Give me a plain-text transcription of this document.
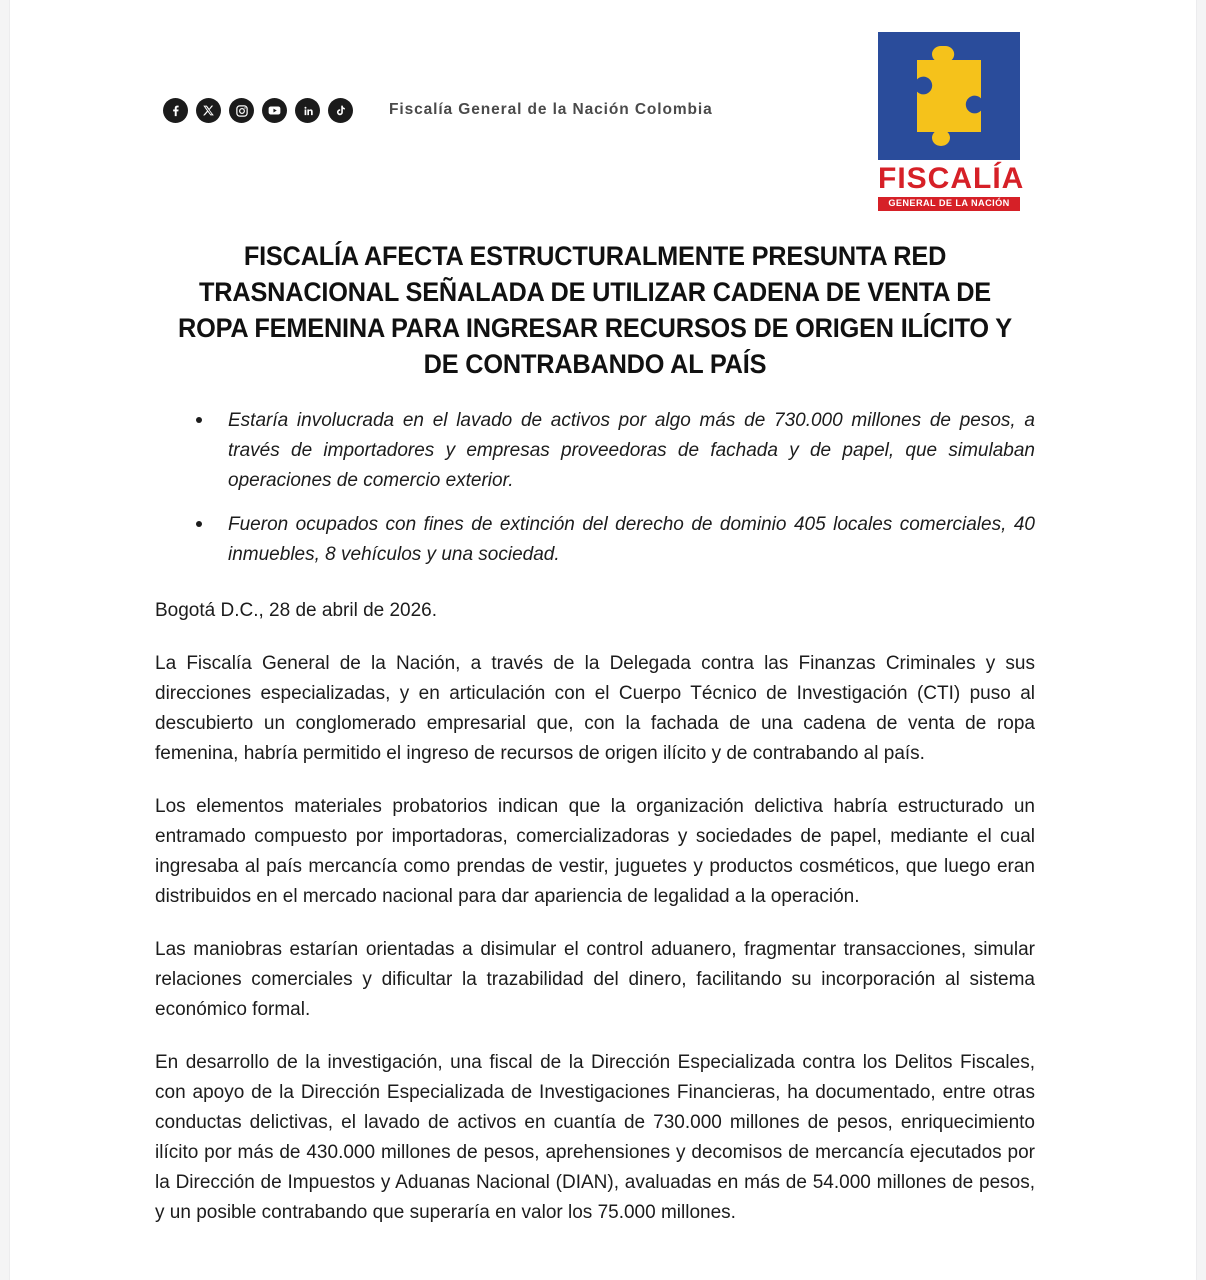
Fiscalía General de la Nación Colombia
FISCALÍA
GENERAL DE LA NACIÓN
FISCALÍA AFECTA ESTRUCTURALMENTE PRESUNTA RED TRASNACIONAL SEÑALADA DE UTILIZAR CADENA DE VENTA DE ROPA FEMENINA PARA INGRESAR RECURSOS DE ORIGEN ILÍCITO Y DE CONTRABANDO AL PAÍS
Estaría involucrada en el lavado de activos por algo más de 730.000 millones de pesos, a través de importadores y empresas proveedoras de fachada y de papel, que simulaban operaciones de comercio exterior.
Fueron ocupados con fines de extinción del derecho de dominio 405 locales comerciales, 40 inmuebles, 8 vehículos y una sociedad.

Bogotá D.C., 28 de abril de 2026.

La Fiscalía General de la Nación, a través de la Delegada contra las Finanzas Criminales y sus direcciones especializadas, y en articulación con el Cuerpo Técnico de Investigación (CTI) puso al descubierto un conglomerado empresarial que, con la fachada de una cadena de venta de ropa femenina, habría permitido el ingreso de recursos de origen ilícito y de contrabando al país.

Los elementos materiales probatorios indican que la organización delictiva habría estructurado un entramado compuesto por importadoras, comercializadoras y sociedades de papel, mediante el cual ingresaba al país mercancía como prendas de vestir, juguetes y productos cosméticos, que luego eran distribuidos en el mercado nacional para dar apariencia de legalidad a la operación.

Las maniobras estarían orientadas a disimular el control aduanero, fragmentar transacciones, simular relaciones comerciales y dificultar la trazabilidad del dinero, facilitando su incorporación al sistema económico formal.

En desarrollo de la investigación, una fiscal de la Dirección Especializada contra los Delitos Fiscales, con apoyo de la Dirección Especializada de Investigaciones Financieras, ha documentado, entre otras conductas delictivas, el lavado de activos en cuantía de 730.000 millones de pesos, enriquecimiento ilícito por más de 430.000 millones de pesos, aprehensiones y decomisos de mercancía ejecutados por la Dirección de Impuestos y Aduanas Nacional (DIAN), avaluadas en más de 54.000 millones de pesos, y un posible contrabando que superaría en valor los 75.000 millones.
